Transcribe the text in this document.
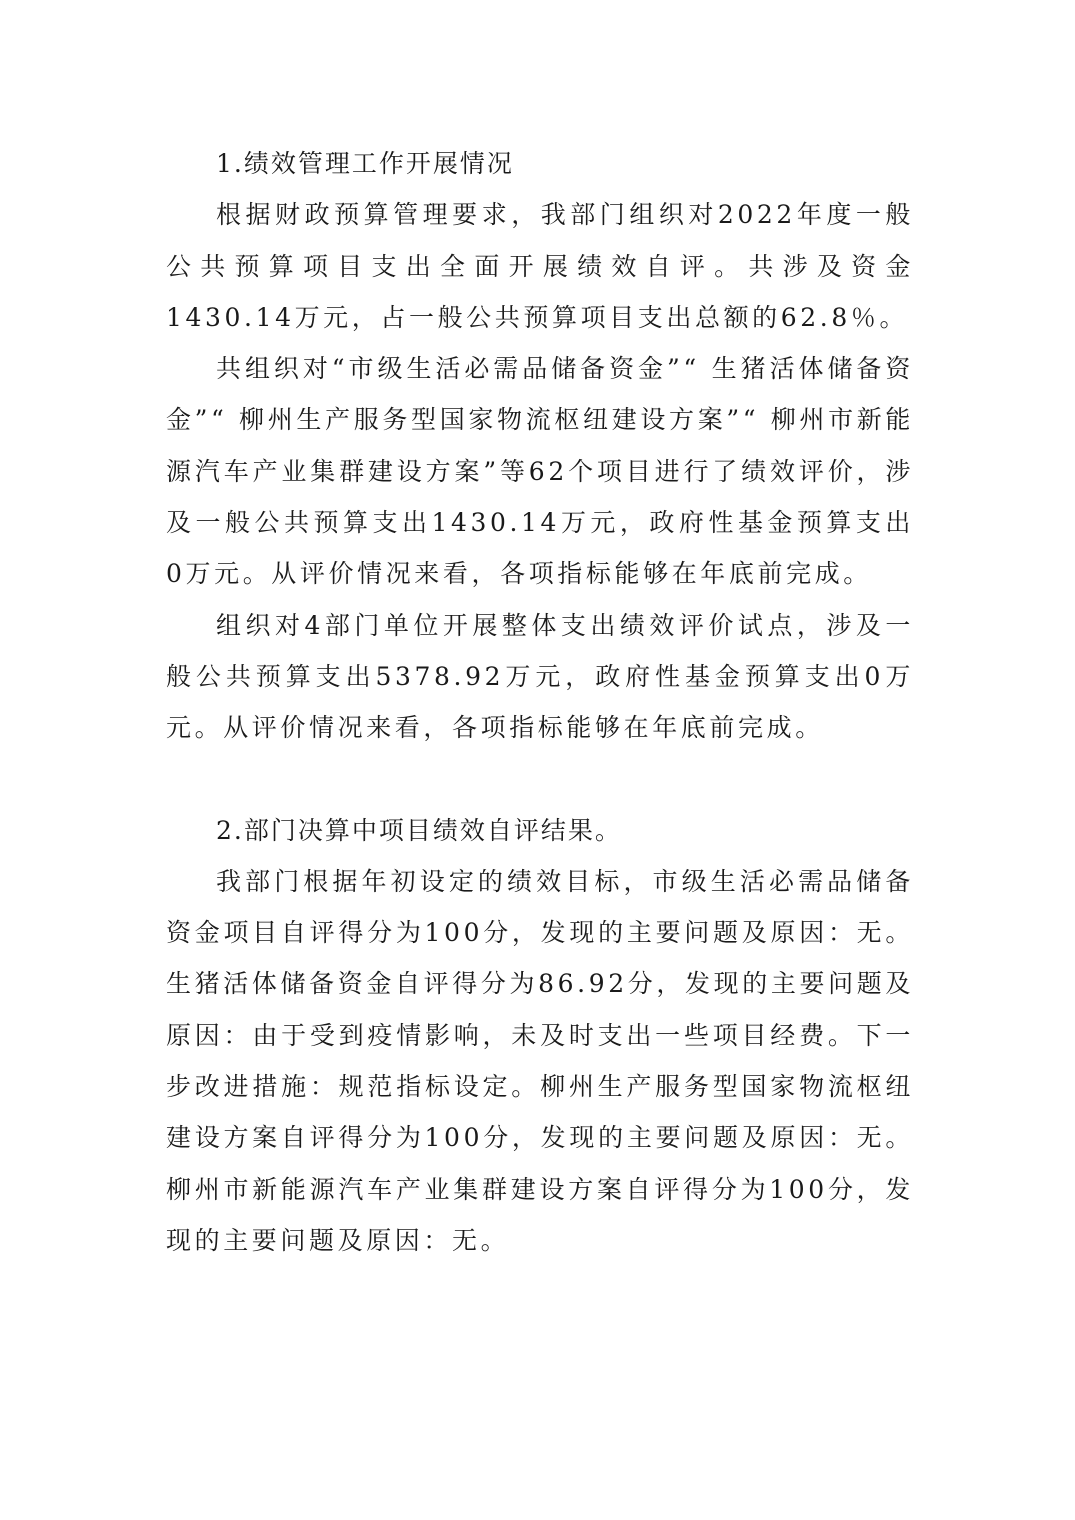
1.绩效管理工作开展情况

根据财政预算管理要求，我部门组织对2022年度一般公共预算项目支出全面开展绩效自评。共涉及资金1430.14万元，占一般公共预算项目支出总额的62.8％。

共组织对“市级生活必需品储备资金”“ 生猪活体储备资金”“ 柳州生产服务型国家物流枢纽建设方案”“ 柳州市新能源汽车产业集群建设方案”等62个项目进行了绩效评价，涉及一般公共预算支出1430.14万元，政府性基金预算支出0万元。从评价情况来看，各项指标能够在年底前完成。

组织对4部门单位开展整体支出绩效评价试点，涉及一般公共预算支出5378.92万元，政府性基金预算支出0万元。从评价情况来看，各项指标能够在年底前完成。

2.部门决算中项目绩效自评结果。

我部门根据年初设定的绩效目标，市级生活必需品储备资金项目自评得分为100分，发现的主要问题及原因：无。生猪活体储备资金自评得分为86.92分，发现的主要问题及原因：由于受到疫情影响，未及时支出一些项目经费。下一步改进措施：规范指标设定。柳州生产服务型国家物流枢纽建设方案自评得分为100分，发现的主要问题及原因：无。柳州市新能源汽车产业集群建设方案自评得分为100分，发现的主要问题及原因：无。
